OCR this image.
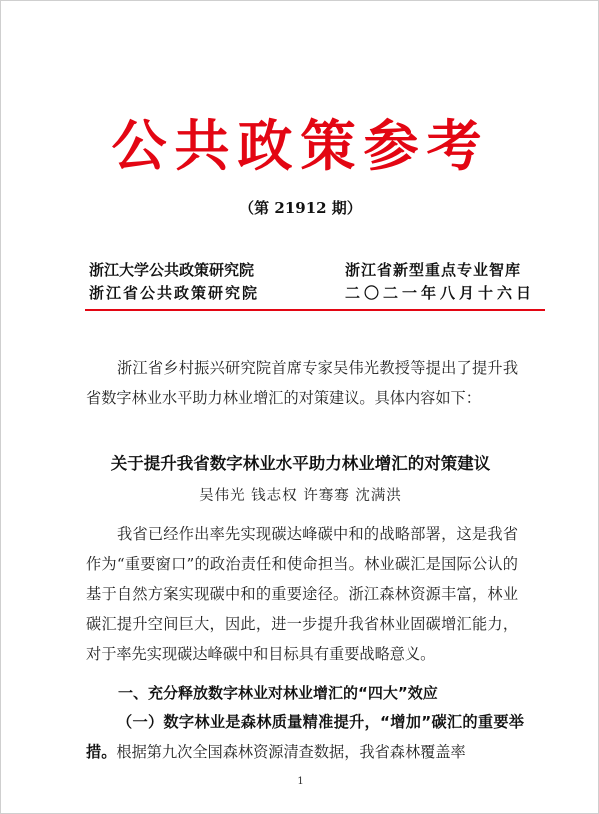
公共政策参考
（第 21912 期）
浙江大学公共政策研究院
浙江省公共政策研究院
浙江省新型重点专业智库
二〇二一年八月十六日

浙江省乡村振兴研究院首席专家吴伟光教授等提出了提升我省数字林业水平助力林业增汇的对策建议。具体内容如下：

关于提升我省数字林业水平助力林业增汇的对策建议
吴伟光 钱志权 许骞骞 沈满洪

我省已经作出率先实现碳达峰碳中和的战略部署，这是我省作为“重要窗口”的政治责任和使命担当。林业碳汇是国际公认的基于自然方案实现碳中和的重要途径。浙江森林资源丰富，林业碳汇提升空间巨大，因此，进一步提升我省林业固碳增汇能力，对于率先实现碳达峰碳中和目标具有重要战略意义。

一、充分释放数字林业对林业增汇的“四大”效应

（一）数字林业是森林质量精准提升，“增加”碳汇的重要举措。根据第九次全国森林资源清查数据，我省森林覆盖率

1
